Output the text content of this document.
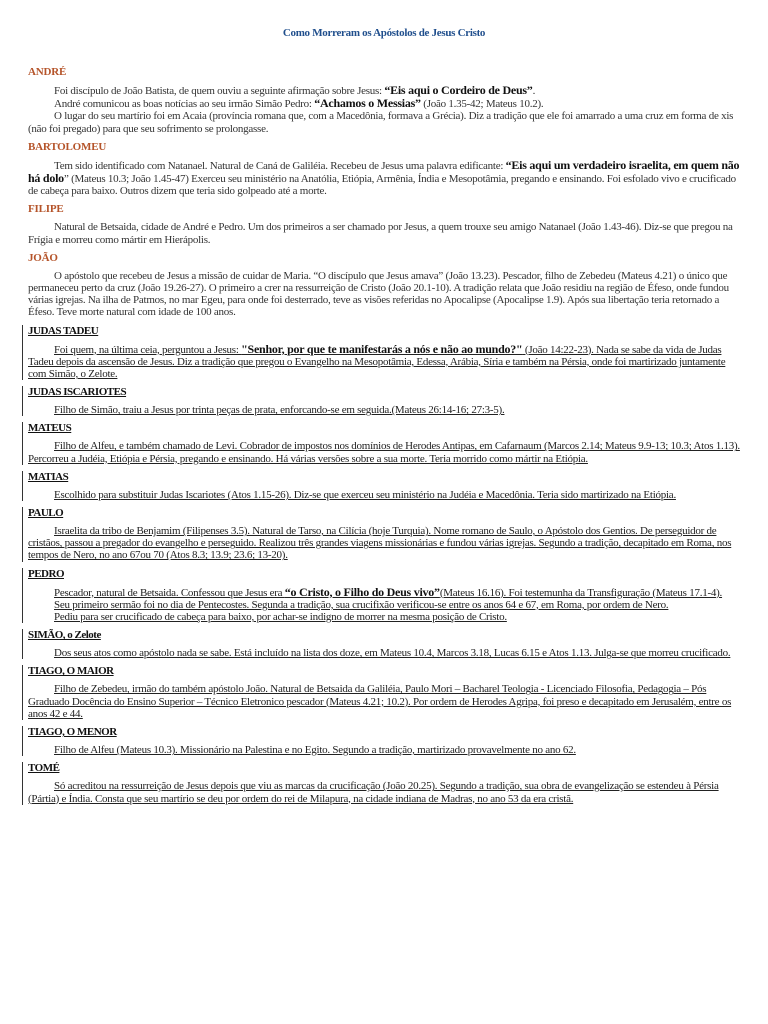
Como Morreram os Apóstolos de Jesus Cristo
ANDRÉ

Foi discípulo de João Batista, de quem ouviu a seguinte afirmação sobre Jesus: “Eis aqui o Cordeiro de Deus”.

André comunicou as boas notícias ao seu irmão Simão Pedro: “Achamos o Messias” (João 1.35-42; Mateus 10.2).

O lugar do seu martírio foi em Acaia (província romana que, com a Macedônia, formava a Grécia). Diz a tradição que ele foi amarrado a uma cruz em forma de xis (não foi pregado) para que seu sofrimento se prolongasse.

BARTOLOMEU

Tem sido identificado com Natanael. Natural de Caná de Galiléia. Recebeu de Jesus uma palavra edificante: “Eis aqui um verdadeiro israelita, em quem não há dolo” (Mateus 10.3; João 1.45-47) Exerceu seu ministério na Anatólia, Etiópia, Armênia, Índia e Mesopotâmia, pregando e ensinando. Foi esfolado vivo e crucificado de cabeça para baixo. Outros dizem que teria sido golpeado até a morte.

FILIPE

Natural de Betsaida, cidade de André e Pedro. Um dos primeiros a ser chamado por Jesus, a quem trouxe seu amigo Natanael (João 1.43-46). Diz-se que pregou na Frígia e morreu como mártir em Hierápolis.

JOÃO

O apóstolo que recebeu de Jesus a missão de cuidar de Maria. “O discípulo que Jesus amava” (João 13.23). Pescador, filho de Zebedeu (Mateus 4.21) o único que permaneceu perto da cruz (João 19.26-27). O primeiro a crer na ressurreição de Cristo (João 20.1-10). A tradição relata que João residiu na região de Éfeso, onde fundou várias igrejas. Na ilha de Patmos, no mar Egeu, para onde foi desterrado, teve as visões referidas no Apocalipse (Apocalipse 1.9). Após sua libertação teria retornado a Éfeso. Teve morte natural com idade de 100 anos.

JUDAS TADEU

Foi quem, na última ceia, perguntou a Jesus: "Senhor, por que te manifestarás a nós e não ao mundo?" (João 14:22-23). Nada se sabe da vida de Judas Tadeu depois da ascensão de Jesus. Diz a tradição que pregou o Evangelho na Mesopotâmia, Edessa, Arábia, Síria e também na Pérsia, onde foi martirizado juntamente com Simão, o Zelote.

JUDAS ISCARIOTES

Filho de Simão, traiu a Jesus por trinta peças de prata, enforcando-se em seguida.(Mateus 26:14-16; 27:3-5).

MATEUS

Filho de Alfeu, e também chamado de Levi. Cobrador de impostos nos domínios de Herodes Antipas, em Cafarnaum (Marcos 2.14; Mateus 9.9-13; 10.3; Atos 1.13). Percorreu a Judéia, Etiópia e Pérsia, pregando e ensinando. Há várias versões sobre a sua morte. Teria morrido como mártir na Etiópia.

MATIAS

Escolhido para substituir Judas Iscariotes (Atos 1.15-26). Diz-se que exerceu seu ministério na Judéia e Macedônia. Teria sido martirizado na Etiópia.

PAULO

Israelita da tribo de Benjamim (Filipenses 3.5). Natural de Tarso, na Cilícia (hoje Turquia). Nome romano de Saulo, o Apóstolo dos Gentios. De perseguidor de cristãos, passou a pregador do evangelho e perseguido. Realizou três grandes viagens missionárias e fundou várias igrejas. Segundo a tradição, decapitado em Roma, nos tempos de Nero, no ano 67ou 70 (Atos 8.3; 13.9; 23.6; 13-20).

PEDRO

Pescador, natural de Betsaida. Confessou que Jesus era “o Cristo, o Filho do Deus vivo”(Mateus 16.16). Foi testemunha da Transfiguração (Mateus 17.1-4).

Seu primeiro sermão foi no dia de Pentecostes. Segunda a tradição, sua crucifixão verificou-se entre os anos 64 e 67, em Roma, por ordem de Nero.

Pediu para ser crucificado de cabeça para baixo, por achar-se indigno de morrer na mesma posição de Cristo.

SIMÃO, o Zelote

Dos seus atos como apóstolo nada se sabe. Está incluído na lista dos doze, em Mateus 10.4, Marcos 3.18, Lucas 6.15 e Atos 1.13. Julga-se que morreu crucificado.

TIAGO, O MAIOR

Filho de Zebedeu, irmão do também apóstolo João. Natural de Betsaida da Galiléia, Paulo Mori – Bacharel Teologia - Licenciado Filosofia, Pedagogia – Pós Graduado Docência do Ensino Superior – Técnico Eletronico pescador (Mateus 4.21; 10.2). Por ordem de Herodes Agripa, foi preso e decapitado em Jerusalém, entre os anos 42 e 44.

TIAGO, O MENOR

Filho de Alfeu (Mateus 10.3). Missionário na Palestina e no Egito. Segundo a tradição, martirizado provavelmente no ano 62.

TOMÉ

Só acreditou na ressurreição de Jesus depois que viu as marcas da crucificação (João 20.25). Segundo a tradição, sua obra de evangelização se estendeu à Pérsia (Pártia) e Índia. Consta que seu martírio se deu por ordem do rei de Milapura, na cidade indiana de Madras, no ano 53 da era cristã.
